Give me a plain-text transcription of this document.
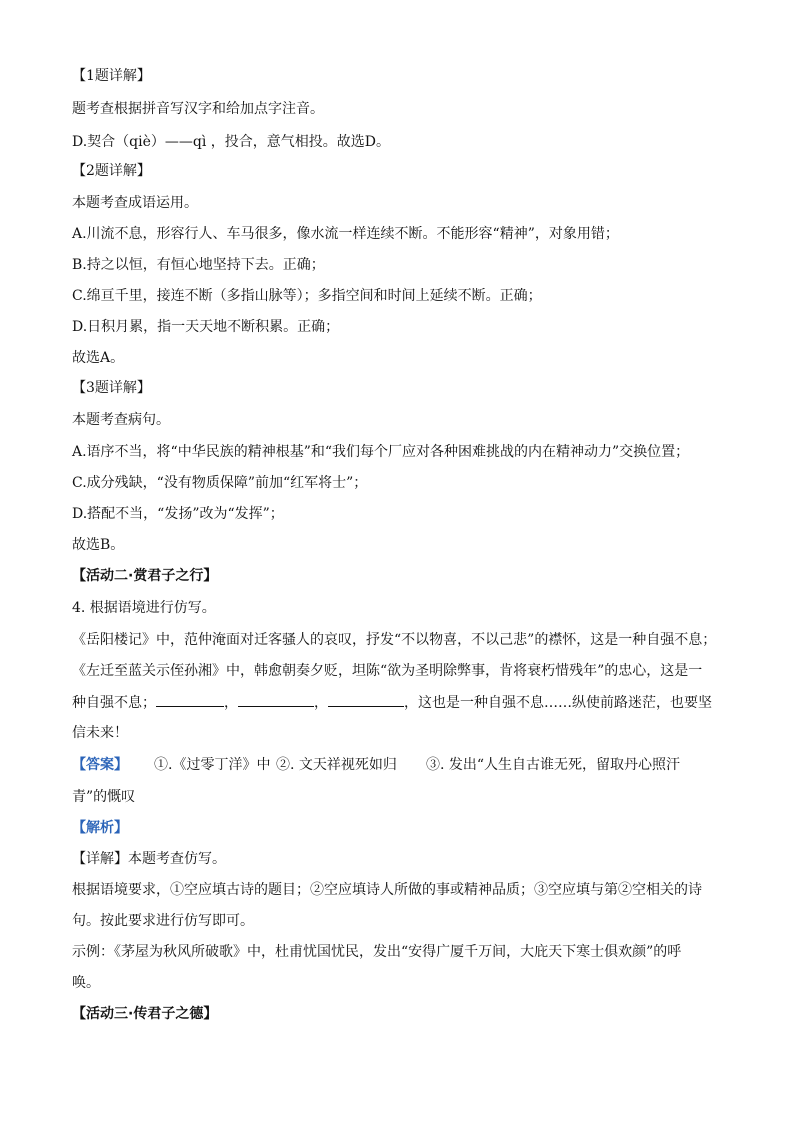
【1题详解】
题考查根据拼音写汉字和给加点字注音。
D.契合（qiè）——qì ，投合，意气相投。故选D。
【2题详解】
本题考查成语运用。
A.川流不息，形容行人、车马很多，像水流一样连续不断。不能形容“精神”，对象用错；
B.持之以恒，有恒心地坚持下去。正确；
C.绵亘千里，接连不断（多指山脉等）；多指空间和时间上延续不断。正确；
D.日积月累，指一天天地不断积累。正确；
故选A。
【3题详解】
本题考查病句。
A.语序不当，将“中华民族的精神根基”和“我们每个厂应对各种困难挑战的内在精神动力”交换位置；
C.成分残缺，“没有物质保障”前加“红军将士”；
D.搭配不当，“发扬”改为“发挥”；
故选B。
【活动二·赏君子之行】
4. 根据语境进行仿写。
《岳阳楼记》中，范仲淹面对迁客骚人的哀叹，抒发“不以物喜，不以己悲”的襟怀，这是一种自强不息；
《左迁至蓝关示侄孙湘》中，韩愈朝奏夕贬，坦陈“欲为圣明除弊事，肯将衰朽惜残年”的忠心，这是一
种自强不息；	，	，	，这也是一种自强不息……纵使前路迷茫，也要坚
信未来！
【答案】 ①.《过零丁洋》中 ②. 文天祥视死如归 ③. 发出“人生自古谁无死，留取丹心照汗
青”的慨叹
【解析】
【详解】本题考查仿写。
根据语境要求，①空应填古诗的题目；②空应填诗人所做的事或精神品质；③空应填与第②空相关的诗
句。按此要求进行仿写即可。
示例：《茅屋为秋风所破歌》中，杜甫忧国忧民，发出“安得广厦千万间，大庇天下寒士俱欢颜”的呼
唤。
【活动三·传君子之德】
